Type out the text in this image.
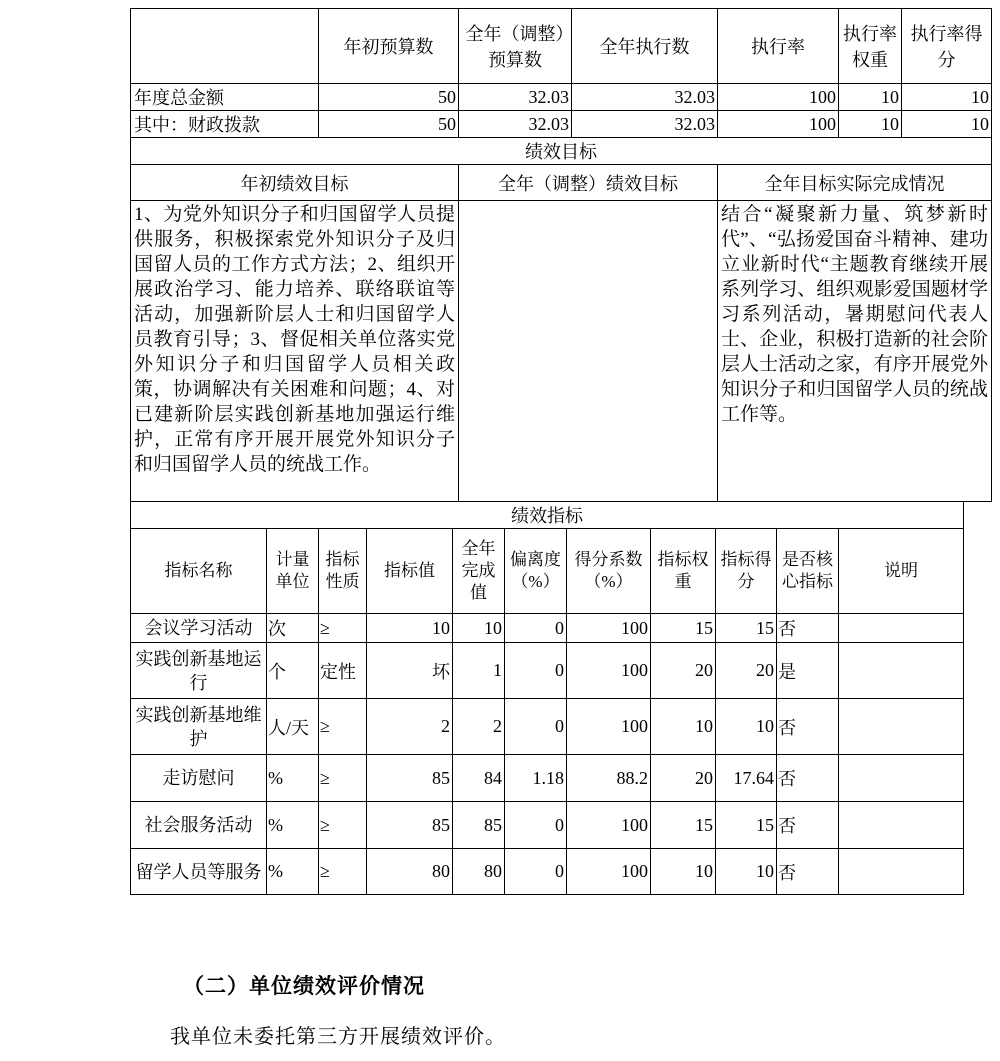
	年初预算数	全年（调整）预算数	全年执行数	执行率	执行率权重	执行率得分
年度总金额	50	32.03	32.03	100	10	10
其中：财政拨款	50	32.03	32.03	100	10	10
绩效目标		
年初绩效目标	全年（调整）绩效目标	全年目标实际完成情况
1、为党外知识分子和归国留学人员提供服务，积极探索党外知识分子及归国留人员的工作方式方法；2、组织开展政治学习、能力培养、联络联谊等活动，加强新阶层人士和归国留学人员教育引导；3、督促相关单位落实党外知识分子和归国留学人员相关政策，协调解决有关困难和问题；4、对已建新阶层实践创新基地加强运行维护，正常有序开展开展党外知识分子和归国留学人员的统战工作。		结合“凝聚新力量、筑梦新时代”、“弘扬爱国奋斗精神、建功立业新时代“主题教育继续开展系列学习、组织观影爱国题材学习系列活动，暑期慰问代表人士、企业，积极打造新的社会阶层人士活动之家，有序开展党外知识分子和归国留学人员的统战工作等。
绩效指标										
指标名称	计量单位	指标性质	指标值	全年完成值	偏离度（%）	得分系数（%）	指标权重	指标得分	是否核心指标	说明
会议学习活动	次	≥	10	10	0	100	15	15	否	
实践创新基地运行	个	定性	坏	1	0	100	20	20	是	
实践创新基地维护	人/天	≥	2	2	0	100	10	10	否	
走访慰问	%	≥	85	84	1.18	88.2	20	17.64	否	
社会服务活动	%	≥	85	85	0	100	15	15	否	
留学人员等服务	%	≥	80	80	0	100	10	10	否	
（二）单位绩效评价情况
我单位未委托第三方开展绩效评价。
